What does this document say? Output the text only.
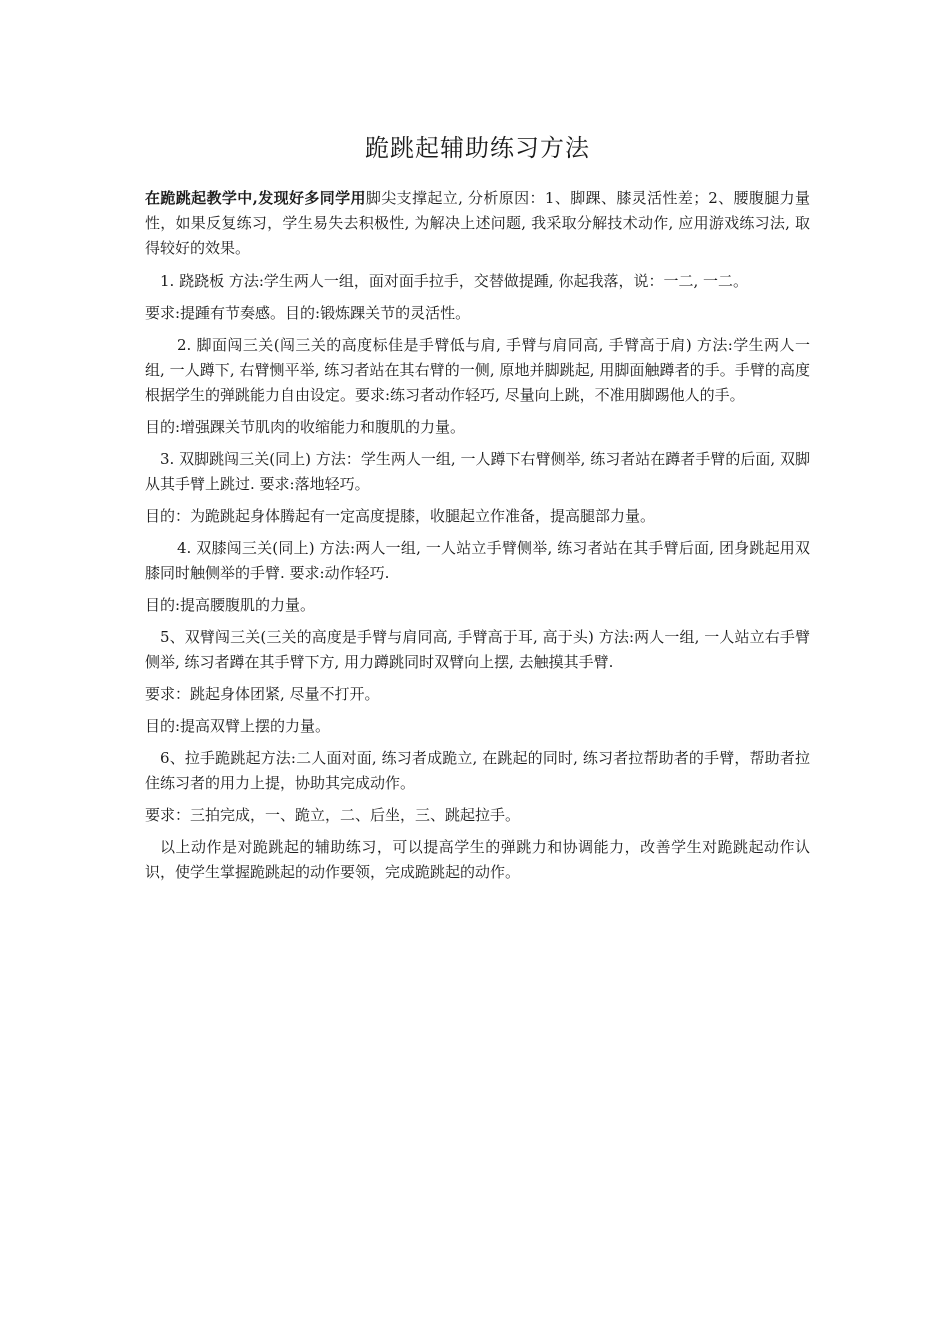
跪跳起辅助练习方法

在跪跳起教学中,发现好多同学用脚尖支撑起立, 分析原因：1、脚踝、膝灵活性差；2、腰腹腿力量性，如果反复练习，学生易失去积极性, 为解决上述问题, 我采取分解技术动作, 应用游戏练习法, 取得较好的效果。

1. 跷跷板 方法:学生两人一组，面对面手拉手，交替做提踵, 你起我落，说：一二, 一二。

要求:提踵有节奏感。目的:锻炼踝关节的灵活性。

2. 脚面闯三关(闯三关的高度标佳是手臂低与肩, 手臂与肩同高, 手臂高于肩) 方法:学生两人一组, 一人蹲下, 右臂恻平举, 练习者站在其右臂的一侧, 原地并脚跳起, 用脚面触蹲者的手。手臂的高度根据学生的弹跳能力自由设定。要求:练习者动作轻巧, 尽量向上跳，不准用脚踢他人的手。

目的:增强踝关节肌肉的收缩能力和腹肌的力量。

3. 双脚跳闯三关(同上) 方法：学生两人一组, 一人蹲下右臂侧举, 练习者站在蹲者手臂的后面, 双脚从其手臂上跳过. 要求:落地轻巧。

目的：为跪跳起身体腾起有一定高度提膝，收腿起立作准备，提高腿部力量。

4. 双膝闯三关(同上) 方法:两人一组, 一人站立手臂侧举, 练习者站在其手臂后面, 团身跳起用双膝同时触侧举的手臂. 要求:动作轻巧.

目的:提高腰腹肌的力量。

5、双臂闯三关(三关的高度是手臂与肩同高, 手臂高于耳, 高于头) 方法:两人一组, 一人站立右手臂侧举, 练习者蹲在其手臂下方, 用力蹲跳同时双臂向上摆, 去触摸其手臂.

要求：跳起身体团紧, 尽量不打开。

目的:提高双臂上摆的力量。

6、拉手跪跳起方法:二人面对面, 练习者成跪立, 在跳起的同时, 练习者拉帮助者的手臂，帮助者拉住练习者的用力上提，协助其完成动作。

要求：三拍完成，一、跪立，二、后坐，三、跳起拉手。

以上动作是对跪跳起的辅助练习，可以提高学生的弹跳力和协调能力，改善学生对跪跳起动作认识，使学生掌握跪跳起的动作要领，完成跪跳起的动作。
